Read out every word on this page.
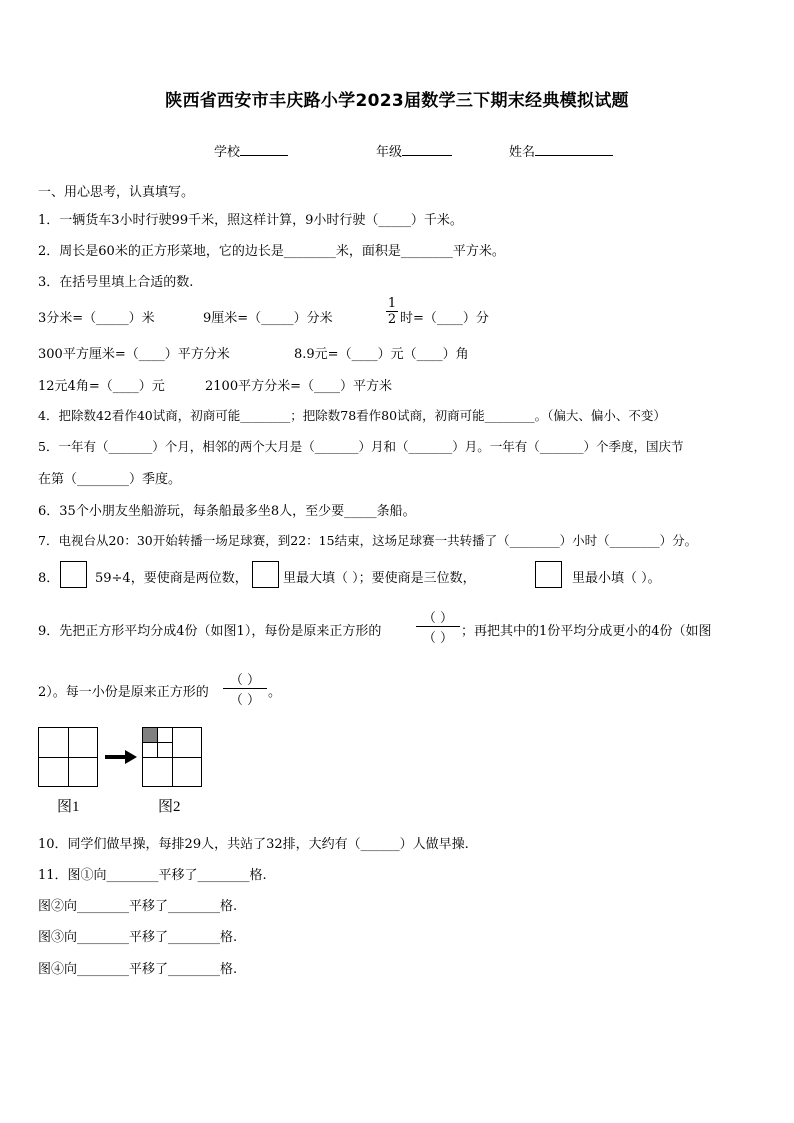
陕西省西安市丰庆路小学2023届数学三下期末经典模拟试题
学校	年级	姓名
一、用心思考，认真填写。
1．一辆货车3小时行驶99千米，照这样计算，9小时行驶（_____）千米。
2．周长是60米的正方形菜地，它的边长是________米，面积是________平方米。
3．在括号里填上合适的数.
3分米=（_____）米	9厘米=（_____）分米	$\frac{1}{2}$ 时=（____）分
300平方厘米=（____）平方分米	8.9元=（____）元（____）角
12元4角=（____）元	2100平方分米=（____）平方米
4．把除数42看作40试商，初商可能________；把除数78看作80试商，初商可能________。（偏大、偏小、不变）
5．一年有（_______）个月，相邻的两个大月是（_______）月和（_______）月。一年有（_______）个季度，国庆节
在第（________）季度。
6．35个小朋友坐船游玩，每条船最多坐8人，至少要_____条船。
7．电视台从20：30开始转播一场足球赛，到22：15结束，这场足球赛一共转播了（________）小时（________）分。
8．	59÷4，要使商是两位数，	里最大填（ ）；要使商是三位数，	里最小填（ ）。
9．先把正方形平均分成4份（如图1），每份是原来正方形的
（ ）
（ ） ；再把其中的1份平均分成更小的4份（如图
2）。每一小份是原来正方形的
（ ）
（ ）
。
图1	图2
10．同学们做早操，每排29人，共站了32排，大约有（______）人做早操.
11．图①向________平移了________格.
图②向________平移了________格.
图③向________平移了________格.
图④向________平移了________格.
